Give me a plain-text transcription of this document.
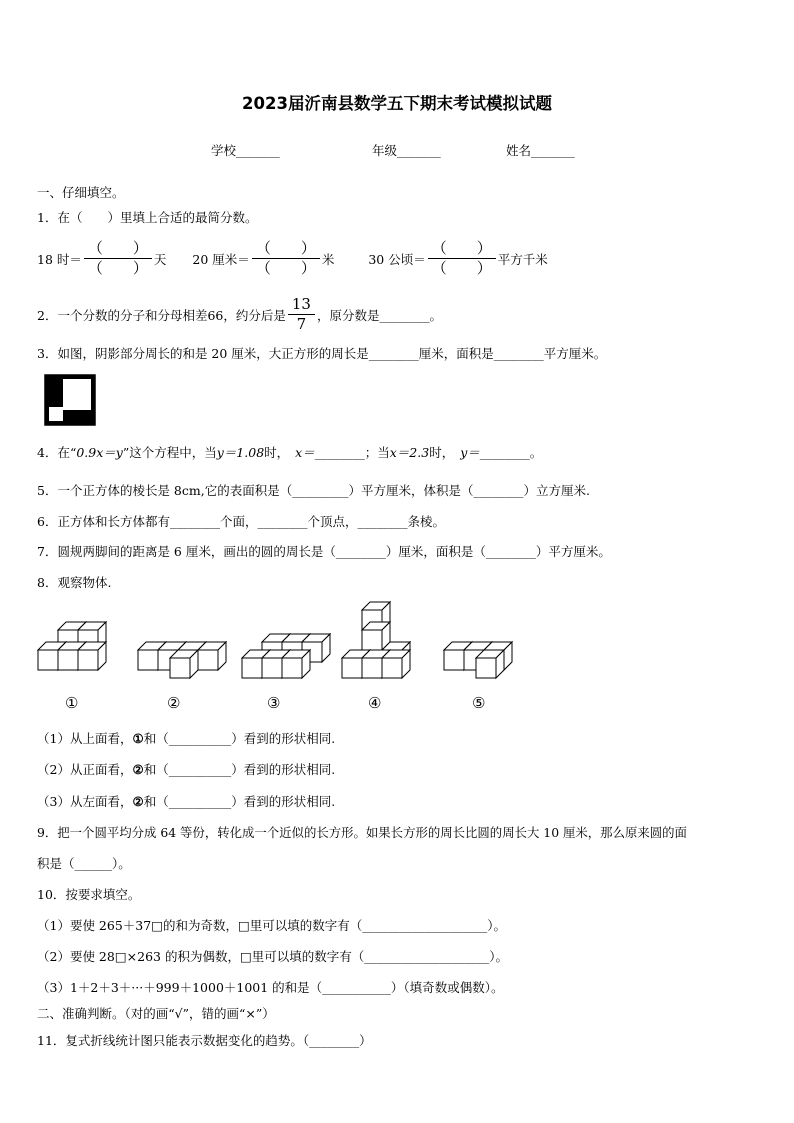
2023届沂南县数学五下期末考试模拟试题
学校_______	年级_______	姓名_______
一、仔细填空。
1．在（　　）里填上合适的最简分数。
18 时＝ $\frac{( )}{( )}$ 天 20 厘米＝ $\frac{( )}{( )}$ 米	30 公顷＝ $\frac{( )}{( )}$ 平方千米
2．一个分数的分子和分母相差66，约分后是 $\frac{13}{7}$ ，原分数是________。
3．如图，阴影部分周长的和是 20 厘米，大正方形的周长是________厘米，面积是________平方厘米。
4．在“0.9x＝y”这个方程中，当y＝1.08时， x＝________；当x＝2.3时， y＝________。
5．一个正方体的棱长是 8cm,它的表面积是（_________）平方厘米，体积是（________）立方厘米.
6．正方体和长方体都有________个面，________个顶点，________条棱。
7．圆规两脚间的距离是 6 厘米，画出的圆的周长是（________）厘米，面积是（________）平方厘米。
8．观察物体.
①	②	③	④	⑤
（1）从上面看，①和（__________）看到的形状相同.
（2）从正面看，②和（__________）看到的形状相同.
（3）从左面看，②和（__________）看到的形状相同.
9．把一个圆平均分成 64 等份，转化成一个近似的长方形。如果长方形的周长比圆的周长大 10 厘米，那么原来圆的面
积是（______）。
10．按要求填空。
（1）要使 265＋37□的和为奇数，□里可以填的数字有（____________________）。
（2）要使 28□×263 的积为偶数，□里可以填的数字有（____________________）。
（3）1＋2＋3＋···＋999＋1000＋1001 的和是（___________）（填奇数或偶数）。
二、准确判断。（对的画“√”，错的画“×”）
11．复式折线统计图只能表示数据变化的趋势。（________）
